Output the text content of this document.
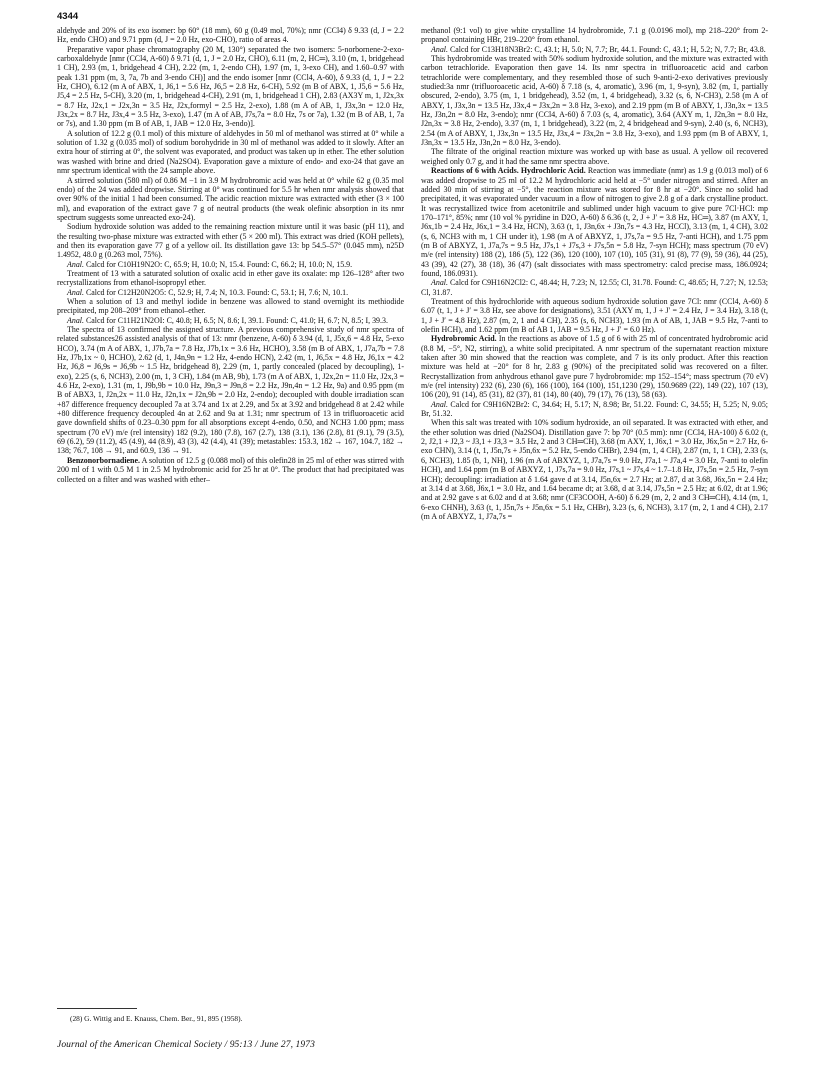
4344

aldehyde and 20% of its exo isomer: bp 60° (18 mm), 60 g (0.49 mol, 70%); nmr (CCl4) δ 9.33 (d, J = 2.2 Hz, endo CHO) and 9.71 ppm (d, J = 2.0 Hz, exo-CHO), ratio of areas 4.

Preparative vapor phase chromatography (20 M, 130°) separated the two isomers: 5-norbornene-2-exo-carboxaldehyde [nmr (CCl4, A-60) δ 9.71 (d, 1, J = 2.0 Hz, CHO), 6.11 (m, 2, HC═), 3.10 (m, 1, bridgehead 1 CH), 2.93 (m, 1, bridgehead 4 CH), 2.22 (m, 1, 2-endo CH), 1.97 (m, 1, 3-exo CH), and 1.60–0.97 with peak 1.31 ppm (m, 3, 7a, 7b and 3-endo CH)] and the endo isomer [nmr (CCl4, A-60), δ 9.33 (d, 1, J = 2.2 Hz, CHO), 6.12 (m A of ABX, 1, J6,1 = 5.6 Hz, J6,5 = 2.8 Hz, 6-CH), 5.92 (m B of ABX, 1, J5,6 = 5.6 Hz, J5,4 = 2.5 Hz, 5-CH), 3.20 (m, 1, bridgehead 4-CH), 2.91 (m, 1, bridgehead 1 CH), 2.83 (AX3Y m, 1, J2x,3x = 8.7 Hz, J2x,1 = J2x,3n = 3.5 Hz, J2x,formyl = 2.5 Hz, 2-exo), 1.88 (m A of AB, 1, J3x,3n = 12.0 Hz, J3x,2x = 8.7 Hz, J3x,4 = 3.5 Hz, 3-exo), 1.47 (m A of AB, J7s,7a = 8.0 Hz, 7s or 7a), 1.32 (m B of AB, 1, 7a or 7s), and 1.30 ppm (m B of AB, 1, JAB = 12.0 Hz, 3-endo)].

A solution of 12.2 g (0.1 mol) of this mixture of aldehydes in 50 ml of methanol was stirred at 0° while a solution of 1.32 g (0.035 mol) of sodium borohydride in 30 ml of methanol was added to it slowly. After an extra hour of stirring at 0°, the solvent was evaporated, and product was taken up in ether. The ether solution was washed with brine and dried (Na2SO4). Evaporation gave a mixture of endo- and exo-24 that gave an nmr spectrum identical with the 24 sample above.

A stirred solution (580 ml) of 0.86 M −1 in 3.9 M hydrobromic acid was held at 0° while 62 g (0.35 mol endo) of the 24 was added dropwise. Stirring at 0° was continued for 5.5 hr when nmr analysis showed that over 90% of the initial 1 had been consumed. The acidic reaction mixture was extracted with ether (3 × 100 ml), and evaporation of the extract gave 7 g of neutral products (the weak olefinic absorption in its nmr spectrum suggests some unreacted exo-24).

Sodium hydroxide solution was added to the remaining reaction mixture until it was basic (pH 11), and the resulting two-phase mixture was extracted with ether (5 × 200 ml). This extract was dried (KOH pellets), and then its evaporation gave 77 g of a yellow oil. Its distillation gave 13: bp 54.5–57° (0.045 mm), n25D 1.4952, 48.0 g (0.263 mol, 75%).

Anal. Calcd for C10H19N2O: C, 65.9; H, 10.0; N, 15.4. Found: C, 66.2; H, 10.0; N, 15.9.

Treatment of 13 with a saturated solution of oxalic acid in ether gave its oxalate: mp 126–128° after two recrystallizations from ethanol-isopropyl ether.

Anal. Calcd for C12H20N2O5: C, 52.9; H, 7.4; N, 10.3. Found: C, 53.1; H, 7.6; N, 10.1.

When a solution of 13 and methyl iodide in benzene was allowed to stand overnight its methiodide precipitated, mp 208–209° from ethanol–ether.

Anal. Calcd for C11H21N2OI: C, 40.8; H, 6.5; N, 8.6; I, 39.1. Found: C, 41.0; H, 6.7; N, 8.5; I, 39.3.

The spectra of 13 confirmed the assigned structure. A previous comprehensive study of nmr spectra of related substances26 assisted analysis of that of 13: nmr (benzene, A-60) δ 3.94 (d, 1, J5x,6 = 4.8 Hz, 5-exo HCO), 3.74 (m A of ABX, 1, J7b,7a = 7.8 Hz, J7b,1x = 3.6 Hz, HCHO), 3.58 (m B of ABX, 1, J7a,7b = 7.8 Hz, J7b,1x ~ 0, HCHO), 2.62 (d, 1, J4n,9n = 1.2 Hz, 4-endo HCN), 2.42 (m, 1, J6,5x = 4.8 Hz, J6,1x = 4.2 Hz, J6,8 = J6,9s = J6,9b ~ 1.5 Hz, bridgehead 8), 2.29 (m, 1, partly concealed (placed by decoupling), 1-exo), 2.25 (s, 6, NCH3), 2.00 (m, 1, 3 CH), 1.84 (m AB, 9b), 1.73 (m A of ABX, 1, J2x,2n = 11.0 Hz, J2x,3 = 4.6 Hz, 2-exo), 1.31 (m, 1, J9b,9b = 10.0 Hz, J9n,3 = J9n,8 = 2.2 Hz, J9n,4n = 1.2 Hz, 9a) and 0.95 ppm (m B of ABX3, 1, J2n,2x = 11.0 Hz, J2n,1x = J2n,9b = 2.0 Hz, 2-endo); decoupled with double irradiation scan +87 difference frequency decoupled 7a at 3.74 and 1x at 2.29, and 5x at 3.92 and bridgehead 8 at 2.42 while +80 difference frequency decoupled 4n at 2.62 and 9a at 1.31; nmr spectrum of 13 in trifluoroacetic acid gave downfield shifts of 0.23–0.30 ppm for all absorptions except 4-endo, 0.50, and NCH3 1.00 ppm; mass spectrum (70 eV) m/e (rel intensity) 182 (9.2), 180 (7.8), 167 (2.7), 138 (3.1), 136 (2.8), 81 (9.1), 79 (3.5), 69 (6.2), 59 (11.2), 45 (4.9), 44 (8.9), 43 (3), 42 (4.4), 41 (39); metastables: 153.3, 182 → 167, 104.7, 182 → 138; 76.7, 108 → 91, and 60.9, 136 → 91.

Benzonorbornadiene. A solution of 12.5 g (0.088 mol) of this olefin28 in 25 ml of ether was stirred with 200 ml of 1 with 0.5 M 1 in 2.5 M hydrobromic acid for 25 hr at 0°. The product that had precipitated was collected on a filter and was washed with ether–

methanol (9:1 vol) to give white crystalline 14 hydrobromide, 7.1 g (0.0196 mol), mp 218–220° from 2-propanol containing HBr, 219–220° from ethanol.

Anal. Calcd for C13H18N3Br2: C, 43.1; H, 5.0; N, 7.7; Br, 44.1. Found: C, 43.1; H, 5.2; N, 7.7; Br, 43.8.

This hydrobromide was treated with 50% sodium hydroxide solution, and the mixture was extracted with carbon tetrachloride. Evaporation then gave 14. Its nmr spectra in trifluoroacetic acid and carbon tetrachloride were complementary, and they resembled those of such 9-anti-2-exo derivatives previously studied:3a nmr (trifluoroacetic acid, A-60) δ 7.18 (s, 4, aromatic), 3.96 (m, 1, 9-syn), 3.82 (m, 1, partially obscured, 2-endo), 3.75 (m, 1, 1 bridgehead), 3.52 (m, 1, 4 bridgehead), 3.32 (s, 6, N-CH3), 2.58 (m A of ABXY, 1, J3x,3n = 13.5 Hz, J3x,4 = J3x,2n = 3.8 Hz, 3-exo), and 2.19 ppm (m B of ABXY, 1, J3n,3x = 13.5 Hz, J3n,2n = 8.0 Hz, 3-endo); nmr (CCl4, A-60) δ 7.03 (s, 4, aromatic), 3.64 (AXY m, 1, J2n,3n = 8.0 Hz, J2n,3x = 3.8 Hz, 2-endo), 3.37 (m, 1, 1 bridgehead), 3.22 (m, 2, 4 bridgehead and 9-syn), 2.40 (s, 6, NCH3), 2.54 (m A of ABXY, 1, J3x,3n = 13.5 Hz, J3x,4 = J3x,2n = 3.8 Hz, 3-exo), and 1.93 ppm (m B of ABXY, 1, J3n,3x = 13.5 Hz, J3n,2n = 8.0 Hz, 3-endo).

The filtrate of the original reaction mixture was worked up with base as usual. A yellow oil recovered weighed only 0.7 g, and it had the same nmr spectra above.

Reactions of 6 with Acids. Hydrochloric Acid. Reaction was immediate (nmr) as 1.9 g (0.013 mol) of 6 was added dropwise to 25 ml of 12.2 M hydrochloric acid held at −5° under nitrogen and stirred. After an added 30 min of stirring at −5°, the reaction mixture was stored for 8 hr at −20°. Since no solid had precipitated, it was evaporated under vacuum in a flow of nitrogen to give 2.8 g of a dark crystalline product. It was recrystallized twice from acetonitrile and sublimed under high vacuum to give pure 7Cl·HCl: mp 170–171°, 85%; nmr (10 vol % pyridine in D2O, A-60) δ 6.36 (t, 2, J + J′ = 3.8 Hz, HC═), 3.87 (m AXY, 1, J6x,1b = 2.4 Hz, J6x,1 = 3.4 Hz, HCN), 3.63 (t, 1, J3n,6x + J3n,7s = 4.3 Hz, HCCl), 3.13 (m, 1, 4 CH), 3.02 (s, 6, NCH3 with m, 1 CH under it), 1.98 (m A of ABXYZ, 1, J7s,7a = 9.5 Hz, 7-anti HCH), and 1.75 ppm (m B of ABXYZ, 1, J7a,7s = 9.5 Hz, J7s,1 + J7s,3 + J7s,5n = 5.8 Hz, 7-syn HCH); mass spectrum (70 eV) m/e (rel intensity) 188 (2), 186 (5), 122 (36), 120 (100), 107 (10), 105 (31), 91 (8), 77 (9), 59 (36), 44 (25), 43 (39), 42 (27), 38 (18), 36 (47) (salt dissociates with mass spectrometry: calcd precise mass, 186.0924; found, 186.0931).

Anal. Calcd for C9H16N2Cl2: C, 48.44; H, 7.23; N, 12.55; Cl, 31.78. Found: C, 48.65; H, 7.27; N, 12.53; Cl, 31.87.

Treatment of this hydrochloride with aqueous sodium hydroxide solution gave 7Cl: nmr (CCl4, A-60) δ 6.07 (t, 1, J + J′ = 3.8 Hz, see above for designations), 3.51 (AXY m, 1, J + J′ = 2.4 Hz, J = 3.4 Hz), 3.18 (t, 1, J + J′ = 4.8 Hz), 2.87 (m, 2, 1 and 4 CH), 2.35 (s, 6, NCH3), 1.93 (m A of AB, 1, JAB = 9.5 Hz, 7-anti to olefin HCH), and 1.62 ppm (m B of AB 1, JAB = 9.5 Hz, J + J′ = 6.0 Hz).

Hydrobromic Acid. In the reactions as above of 1.5 g of 6 with 25 ml of concentrated hydrobromic acid (8.8 M, −5°, N2, stirring), a white solid precipitated. A nmr spectrum of the supernatant reaction mixture taken after 30 min showed that the reaction was complete, and 7 is its only product. After this reaction mixture was held at −20° for 8 hr, 2.83 g (90%) of the precipitated solid was recovered on a filter. Recrystallization from anhydrous ethanol gave pure 7 hydrobromide: mp 152–154°; mass spectrum (70 eV) m/e (rel intensity) 232 (6), 230 (6), 166 (100), 164 (100), 151,1230 (29), 150.9689 (22), 149 (22), 107 (13), 106 (20), 91 (14), 85 (31), 82 (37), 81 (14), 80 (40), 79 (17), 76 (13), 58 (63).

Anal. Calcd for C9H16N2Br2: C, 34.64; H, 5.17; N, 8.98; Br, 51.22. Found: C, 34.55; H, 5.25; N, 9.05; Br, 51.32.

When this salt was treated with 10% sodium hydroxide, an oil separated. It was extracted with ether, and the ether solution was dried (Na2SO4). Distillation gave 7: bp 70° (0.5 mm): nmr (CCl4, HA-100) δ 6.02 (t, 2, J2,1 + J2,3 ~ J3,1 + J3,3 = 3.5 Hz, 2 and 3 CH═CH), 3.68 (m AXY, 1, J6x,1 = 3.0 Hz, J6x,5n = 2.7 Hz, 6-exo CHN), 3.14 (t, 1, J5n,7s + J5n,6x = 5.2 Hz, 5-endo CHBr), 2.94 (m, 1, 4 CH), 2.87 (m, 1, 1 CH), 2.33 (s, 6, NCH3), 1.85 (b, 1, NH), 1.96 (m A of ABXYZ, 1, J7a,7s = 9.0 Hz, J7a,1 ~ J7a,4 = 3.0 Hz, 7-anti to olefin HCH), and 1.64 ppm (m B of ABXYZ, 1, J7s,7a = 9.0 Hz, J7s,1 ~ J7s,4 ~ 1.7–1.8 Hz, J7s,5n = 2.5 Hz, 7-syn HCH); decoupling: irradiation at δ 1.64 gave d at 3.14, J5n,6x = 2.7 Hz; at 2.87, d at 3.68, J6x,5n = 2.4 Hz; at 3.14 d at 3.68, J6x,1 = 3.0 Hz, and 1.64 became dt; at 3.68, d at 3.14, J7s,5n = 2.5 Hz; at 6.02, dt at 1.96; and at 2.92 gave s at 6.02 and d at 3.68; nmr (CF3COOH, A-60) δ 6.29 (m, 2, 2 and 3 CH═CH), 4.14 (m, 1, 6-exo CHNH), 3.63 (t, 1, J5n,7s + J5n,6x = 5.1 Hz, CHBr), 3.23 (s, 6, NCH3), 3.17 (m, 2, 1 and 4 CH), 2.17 (m A of ABXYZ, 1, J7a,7s =

(28) G. Wittig and E. Knauss, Chem. Ber., 91, 895 (1958).
Journal of the American Chemical Society / 95:13 / June 27, 1973
